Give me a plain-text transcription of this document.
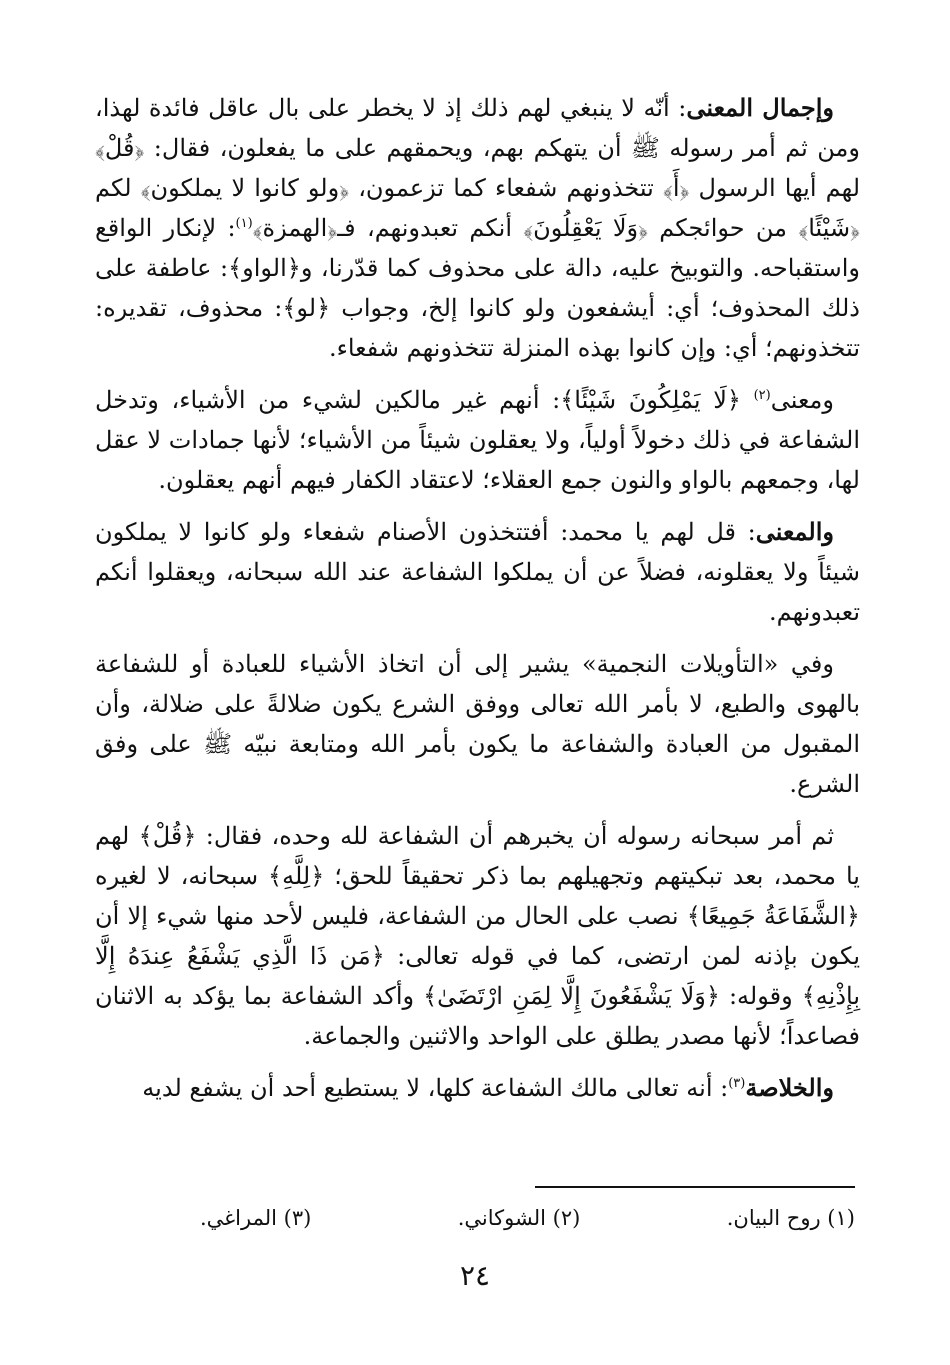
وإجمال المعنى: أنّه لا ينبغي لهم ذلك إذ لا يخطر على بال عاقل فائدة لهذا، ومن ثم أمر رسوله ﷺ أن يتهكم بهم، ويحمقهم على ما يفعلون، فقال: ﴿قُلْ﴾ لهم أيها الرسول ﴿أَ﴾ تتخذونهم شفعاء كما تزعمون، ﴿ولو كانوا لا يملكون﴾ لكم ﴿شَيْئًا﴾ من حوائجكم ﴿وَلَا يَعْقِلُونَ﴾ أنكم تعبدونهم، فـ﴿الهمزة﴾$^{(١)}$: لإنكار الواقع واستقباحه. والتوبيخ عليه، دالة على محذوف كما قدّرنا، و﴿الواو﴾: عاطفة على ذلك المحذوف؛ أي: أيشفعون ولو كانوا إلخ، وجواب ﴿لو﴾: محذوف، تقديره: تتخذونهم؛ أي: وإن كانوا بهذه المنزلة تتخذونهم شفعاء.

ومعنى$^{(٢)}$ ﴿لَا يَمْلِكُونَ شَيْئًا﴾: أنهم غير مالكين لشيء من الأشياء، وتدخل الشفاعة في ذلك دخولاً أولياً، ولا يعقلون شيئاً من الأشياء؛ لأنها جمادات لا عقل لها، وجمعهم بالواو والنون جمع العقلاء؛ لاعتقاد الكفار فيهم أنهم يعقلون.

والمعنى: قل لهم يا محمد: أفتتخذون الأصنام شفعاء ولو كانوا لا يملكون شيئاً ولا يعقلونه، فضلاً عن أن يملكوا الشفاعة عند الله سبحانه، ويعقلوا أنكم تعبدونهم.

وفي «التأويلات النجمية» يشير إلى أن اتخاذ الأشياء للعبادة أو للشفاعة بالهوى والطبع، لا بأمر الله تعالى ووفق الشرع يكون ضلالةً على ضلالة، وأن المقبول من العبادة والشفاعة ما يكون بأمر الله ومتابعة نبيّه ﷺ على وفق الشرع.

ثم أمر سبحانه رسوله أن يخبرهم أن الشفاعة لله وحده، فقال: ﴿قُلْ﴾ لهم يا محمد، بعد تبكيتهم وتجهيلهم بما ذكر تحقيقاً للحق؛ ﴿لِلَّهِ﴾ سبحانه، لا لغيره ﴿الشَّفَاعَةُ جَمِيعًا﴾ نصب على الحال من الشفاعة، فليس لأحد منها شيء إلا أن يكون بإذنه لمن ارتضى، كما في قوله تعالى: ﴿مَن ذَا الَّذِي يَشْفَعُ عِندَهُ إِلَّا بِإِذْنِهِ﴾ وقوله: ﴿وَلَا يَشْفَعُونَ إِلَّا لِمَنِ ارْتَضَىٰ﴾ وأكد الشفاعة بما يؤكد به الاثنان فصاعداً؛ لأنها مصدر يطلق على الواحد والاثنين والجماعة.

والخلاصة$^{(٣)}$: أنه تعالى مالك الشفاعة كلها، لا يستطيع أحد أن يشفع لديه

(١) روح البيان.
(٢) الشوكاني.
(٣) المراغي.
٢٤
